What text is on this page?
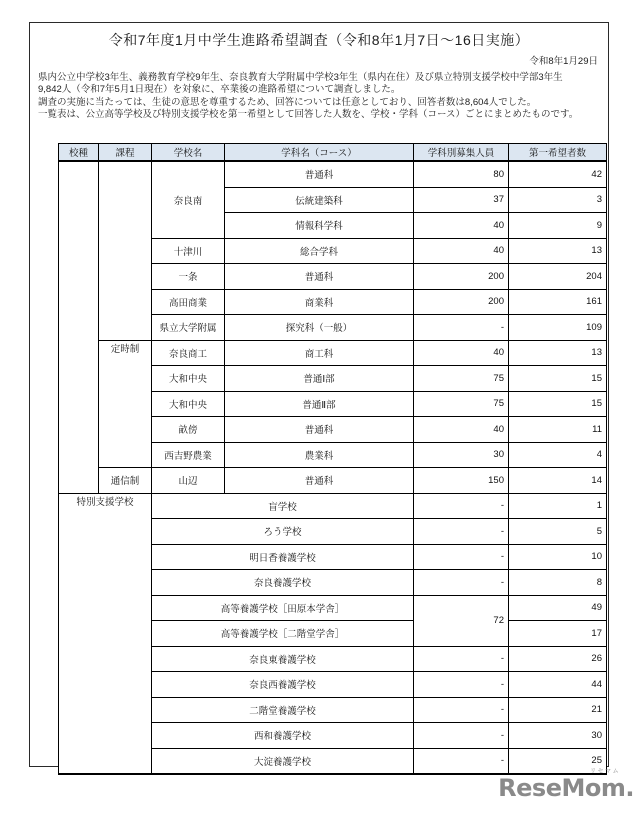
令和7年度1月中学生進路希望調査（令和8年1月7日～16日実施）
令和8年1月29日
県内公立中学校3年生、義務教育学校9年生、奈良教育大学附属中学校3年生（県内在住）及び県立特別支援学校中学部3年生
9,842人（令和7年5月1日現在）を対象に、卒業後の進路希望について調査しました。
調査の実施に当たっては、生徒の意思を尊重するため、回答については任意としており、回答者数は8,604人でした。
一覧表は、公立高等学校及び特別支援学校を第一希望として回答した人数を、学校・学科（コース）ごとにまとめたものです。
校種	課程	学校名	学科名（コース）	学科別募集人員	第一希望者数
		奈良南	普通科	80	42
			伝統建築科	37	3
			情報科学科	40	9
		十津川	総合学科	40	13
		一条	普通科	200	204
		高田商業	商業科	200	161
		県立大学附属	探究科（一般）	-	109
	定時制	奈良商工	商工科	40	13
		大和中央	普通Ⅰ部	75	15
		大和中央	普通Ⅱ部	75	15
		畝傍	普通科	40	11
		西吉野農業	農業科	30	4
	通信制	山辺	普通科	150	14
特別支援学校		盲学校		-	1
		ろう学校		-	5
		明日香養護学校		-	10
		奈良養護学校		-	8
		高等養護学校［田原本学舎］		72	49
		高等養護学校［二階堂学舎］			17
		奈良東養護学校		-	26
		奈良西養護学校		-	44
		二階堂養護学校		-	21
		西和養護学校		-	30
		大淀養護学校		-	25
リセマム
ReseMom.
